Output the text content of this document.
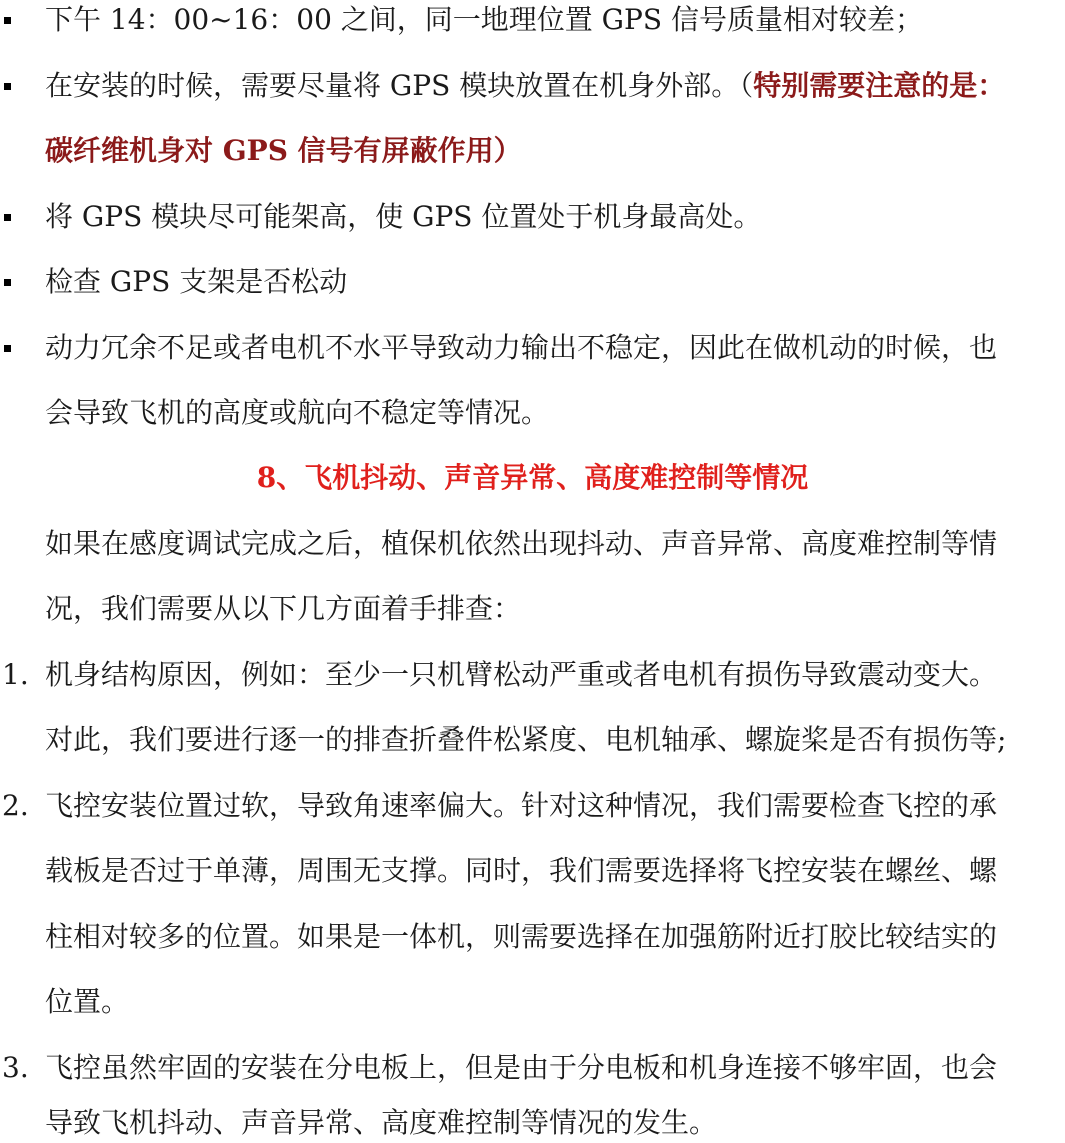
下午 14：00~16：00 之间，同一地理位置 GPS 信号质量相对较差；
在安装的时候，需要尽量将 GPS 模块放置在机身外部。（特别需要注意的是：
碳纤维机身对 GPS 信号有屏蔽作用）
将 GPS 模块尽可能架高，使 GPS 位置处于机身最高处。
检查 GPS 支架是否松动
动力冗余不足或者电机不水平导致动力输出不稳定，因此在做机动的时候，也
会导致飞机的高度或航向不稳定等情况。
8、飞机抖动、声音异常、高度难控制等情况
如果在感度调试完成之后，植保机依然出现抖动、声音异常、高度难控制等情
况，我们需要从以下几方面着手排查：
1. 机身结构原因，例如：至少一只机臂松动严重或者电机有损伤导致震动变大。
对此，我们要进行逐一的排查折叠件松紧度、电机轴承、螺旋桨是否有损伤等;
2. 飞控安装位置过软，导致角速率偏大。针对这种情况，我们需要检查飞控的承
载板是否过于单薄，周围无支撑。同时，我们需要选择将飞控安装在螺丝、螺
柱相对较多的位置。如果是一体机，则需要选择在加强筋附近打胶比较结实的
位置。
3. 飞控虽然牢固的安装在分电板上，但是由于分电板和机身连接不够牢固，也会
导致飞机抖动、声音异常、高度难控制等情况的发生。
